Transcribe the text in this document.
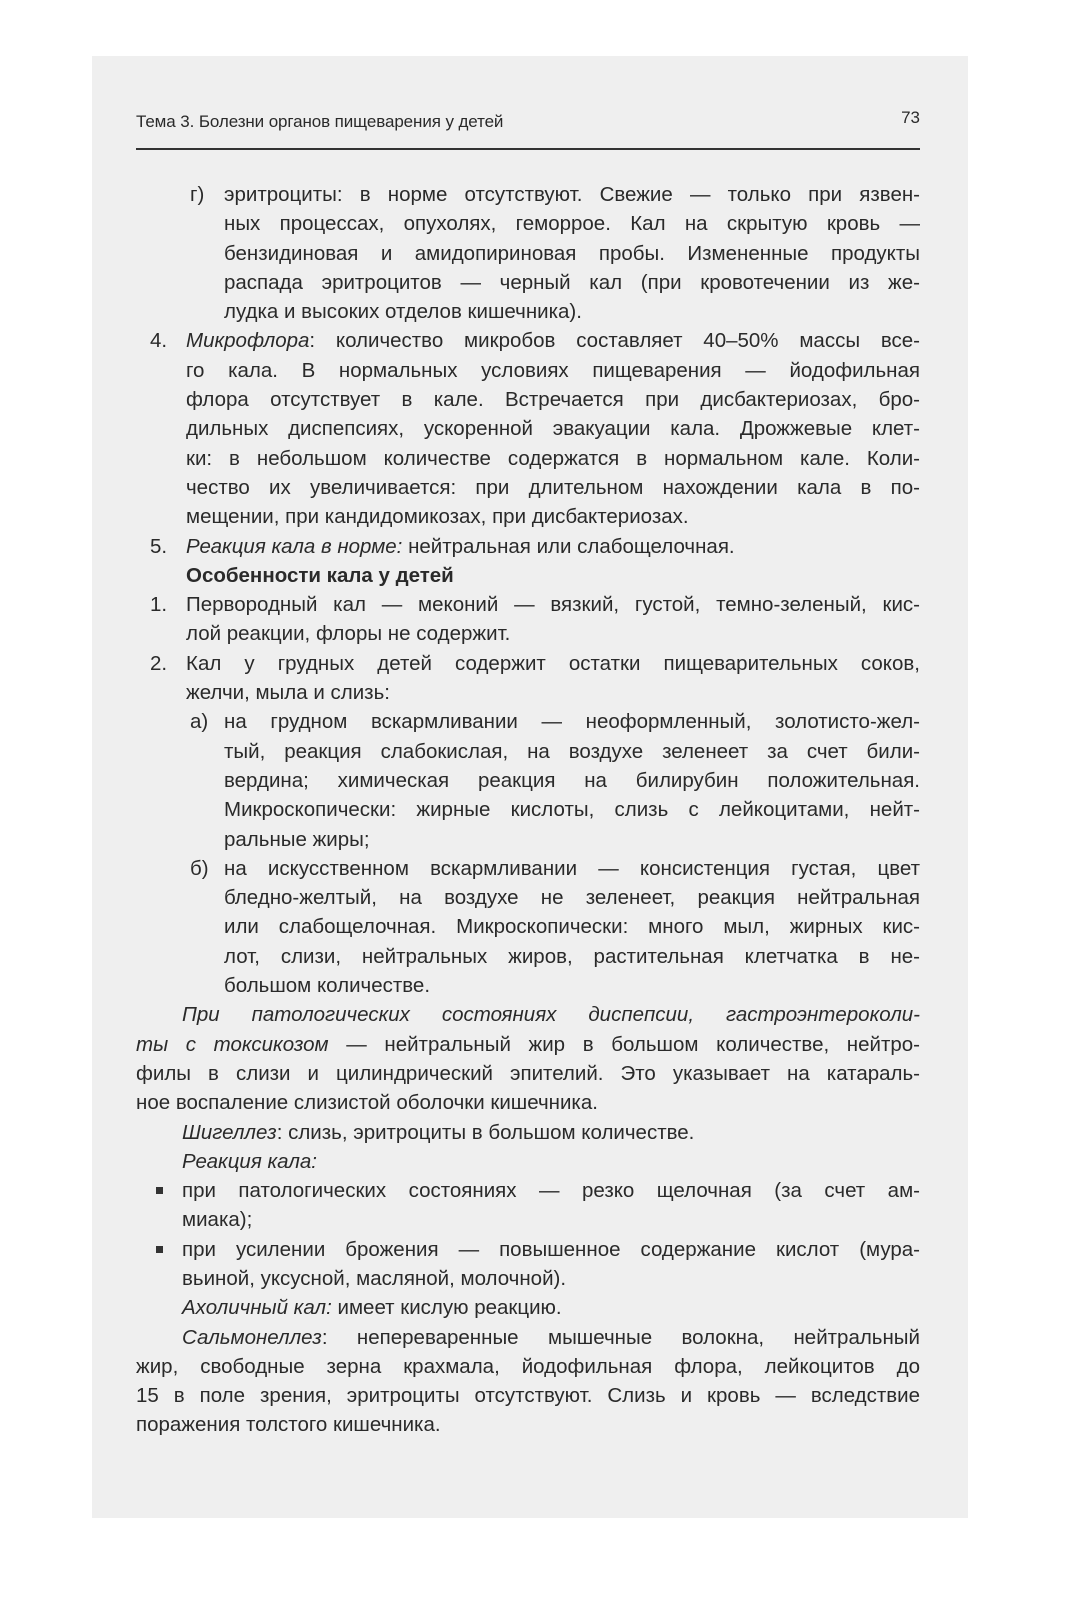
Тема 3. Болезни органов пищеварения у детей	73
г) эритроциты: в норме отсутствуют. Свежие — только при язвен-
ных процессах, опухолях, геморрое. Кал на скрытую кровь —
бензидиновая и амидопириновая пробы. Измененные продукты
распада эритроцитов — черный кал (при кровотечении из же-
лудка и высоких отделов кишечника).
4. Микрофлора: количество микробов составляет 40–50% массы все-
го кала. В нормальных условиях пищеварения — йодофильная
флора отсутствует в кале. Встречается при дисбактериозах, бро-
дильных диспепсиях, ускоренной эвакуации кала. Дрожжевые клет-
ки: в небольшом количестве содержатся в нормальном кале. Коли-
чество их увеличивается: при длительном нахождении кала в по-
мещении, при кандидомикозах, при дисбактериозах.
5. Реакция кала в норме: нейтральная или слабощелочная.
Особенности кала у детей
1. Первородный кал — меконий — вязкий, густой, темно-зеленый, кис-
лой реакции, флоры не содержит.
2. Кал у грудных детей содержит остатки пищеварительных соков,
желчи, мыла и слизь:
а) на грудном вскармливании — неоформленный, золотисто-жел-
тый, реакция слабокислая, на воздухе зеленеет за счет били-
вердина; химическая реакция на билирубин положительная.
Микроскопически: жирные кислоты, слизь с лейкоцитами, нейт-
ральные жиры;
б) на искусственном вскармливании — консистенция густая, цвет
бледно-желтый, на воздухе не зеленеет, реакция нейтральная
или слабощелочная. Микроскопически: много мыл, жирных кис-
лот, слизи, нейтральных жиров, растительная клетчатка в не-
большом количестве.
При патологических состояниях диспепсии, гастроэнтероколи-
ты с токсикозом — нейтральный жир в большом количестве, нейтро-
филы в слизи и цилиндрический эпителий. Это указывает на катараль-
ное воспаление слизистой оболочки кишечника.
Шигеллез: слизь, эритроциты в большом количестве.
Реакция кала:
при патологических состояниях — резко щелочная (за счет ам-
миака);
при усилении брожения — повышенное содержание кислот (мура-
вьиной, уксусной, масляной, молочной).
Ахоличный кал: имеет кислую реакцию.
Сальмонеллез: непереваренные мышечные волокна, нейтральный
жир, свободные зерна крахмала, йодофильная флора, лейкоцитов до
15 в поле зрения, эритроциты отсутствуют. Слизь и кровь — вследствие
поражения толстого кишечника.
